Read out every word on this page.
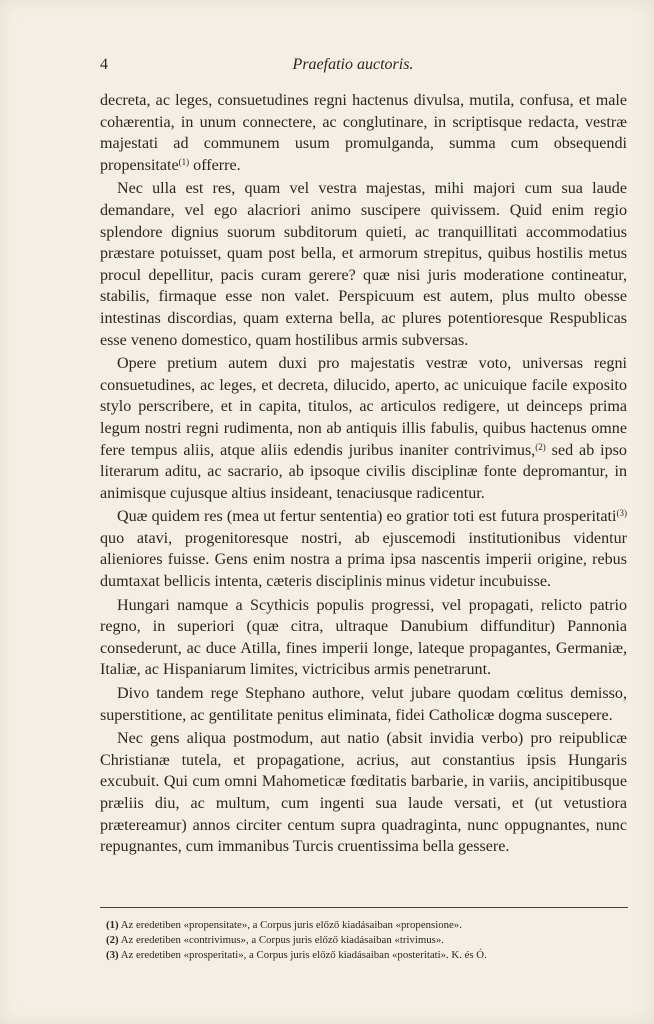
4	Praefatio auctoris.

decreta, ac leges, consuetudines regni hactenus divulsa, mutila, confusa, et male cohærentia, in unum connectere, ac conglutinare, in scriptisque redacta, vestræ majestati ad communem usum promulganda, summa cum obsequendi propensitate$^{(1)}$ offerre.

Nec ulla est res, quam vel vestra majestas, mihi majori cum sua laude demandare, vel ego alacriori animo suscipere quivissem. Quid enim regio splendore dignius suorum subditorum quieti, ac tranquillitati accommodatius præstare potuisset, quam post bella, et armorum strepitus, quibus hostilis metus procul depellitur, pacis curam gerere? quæ nisi juris moderatione contineatur, stabilis, firmaque esse non valet. Perspicuum est autem, plus multo obesse intestinas discordias, quam externa bella, ac plures potentioresque Respublicas esse veneno domestico, quam hostilibus armis subversas.

Opere pretium autem duxi pro majestatis vestræ voto, universas regni consuetudines, ac leges, et decreta, dilucido, aperto, ac unicuique facile exposito stylo perscribere, et in capita, titulos, ac articulos redigere, ut deinceps prima legum nostri regni rudimenta, non ab antiquis illis fabulis, quibus hactenus omne fere tempus aliis, atque aliis edendis juribus inaniter contrivimus,$^{(2)}$ sed ab ipso literarum aditu, ac sacrario, ab ipsoque civilis disciplinæ fonte depromantur, in animisque cujusque altius insideant, tenaciusque radicentur.

Quæ quidem res (mea ut fertur sententia) eo gratior toti est futura prosperitati$^{(3)}$ quo atavi, progenitoresque nostri, ab ejuscemodi institutionibus videntur alieniores fuisse. Gens enim nostra a prima ipsa nascentis imperii origine, rebus dumtaxat bellicis intenta, cæteris disciplinis minus videtur incubuisse.

Hungari namque a Scythicis populis progressi, vel propagati, relicto patrio regno, in superiori (quæ citra, ultraque Danubium diffunditur) Pannonia consederunt, ac duce Atilla, fines imperii longe, lateque propagantes, Germaniæ, Italiæ, ac Hispaniarum limites, victricibus armis penetrarunt.

Divo tandem rege Stephano authore, velut jubare quodam cœlitus demisso, superstitione, ac gentilitate penitus eliminata, fidei Catholicæ dogma suscepere.

Nec gens aliqua postmodum, aut natio (absit invidia verbo) pro reipublicæ Christianæ tutela, et propagatione, acrius, aut constantius ipsis Hungaris excubuit. Qui cum omni Mahometicæ fœditatis barbarie, in variis, ancipitibusque præliis diu, ac multum, cum ingenti sua laude versati, et (ut vetustiora prætereamur) annos circiter centum supra quadraginta, nunc oppugnantes, nunc repugnantes, cum immanibus Turcis cruentissima bella gessere.

(1) Az eredetiben «propensitate», a Corpus juris előző kiadásaiban «propensione».
(2) Az eredetiben «contrivimus», a Corpus juris előző kiadásaiban «trivimus».
(3) Az eredetiben «prosperitati», a Corpus juris előző kiadásaiban «posteritati». K. és Ó.
